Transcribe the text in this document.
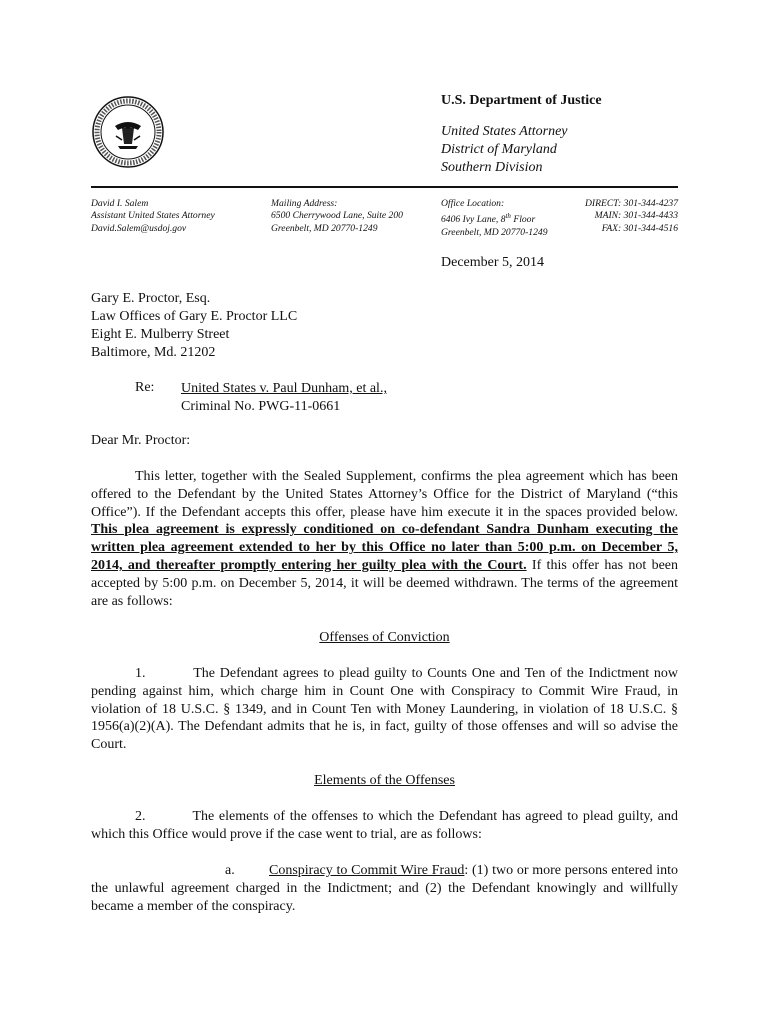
U.S. Department of Justice
United States Attorney
District of Maryland
Southern Division
David I. Salem
Assistant United States Attorney
David.Salem@usdoj.gov
Mailing Address:
6500 Cherrywood Lane, Suite 200
Greenbelt, MD 20770-1249
Office Location:
6406 Ivy Lane, 8th Floor
Greenbelt, MD 20770-1249
DIRECT: 301-344-4237
MAIN: 301-344-4433
FAX: 301-344-4516
December 5, 2014
Gary E. Proctor, Esq.
Law Offices of Gary E. Proctor LLC
Eight E. Mulberry Street
Baltimore, Md. 21202
Re: United States v. Paul Dunham, et al.,
Criminal No. PWG-11-0661
Dear Mr. Proctor:

This letter, together with the Sealed Supplement, confirms the plea agreement which has been offered to the Defendant by the United States Attorney’s Office for the District of Maryland (“this Office”). If the Defendant accepts this offer, please have him execute it in the spaces provided below. This plea agreement is expressly conditioned on co-defendant Sandra Dunham executing the written plea agreement extended to her by this Office no later than 5:00 p.m. on December 5, 2014, and thereafter promptly entering her guilty plea with the Court. If this offer has not been accepted by 5:00 p.m. on December 5, 2014, it will be deemed withdrawn. The terms of the agreement are as follows:

Offenses of Conviction

1.          The Defendant agrees to plead guilty to Counts One and Ten of the Indictment now pending against him, which charge him in Count One with Conspiracy to Commit Wire Fraud, in violation of 18 U.S.C. § 1349, and in Count Ten with Money Laundering, in violation of 18 U.S.C. § 1956(a)(2)(A). The Defendant admits that he is, in fact, guilty of those offenses and will so advise the Court.

Elements of the Offenses

2.          The elements of the offenses to which the Defendant has agreed to plead guilty, and which this Office would prove if the case went to trial, are as follows:

a. Conspiracy to Commit Wire Fraud: (1) two or more persons entered into the unlawful agreement charged in the Indictment; and (2) the Defendant knowingly and willfully became a member of the conspiracy.
